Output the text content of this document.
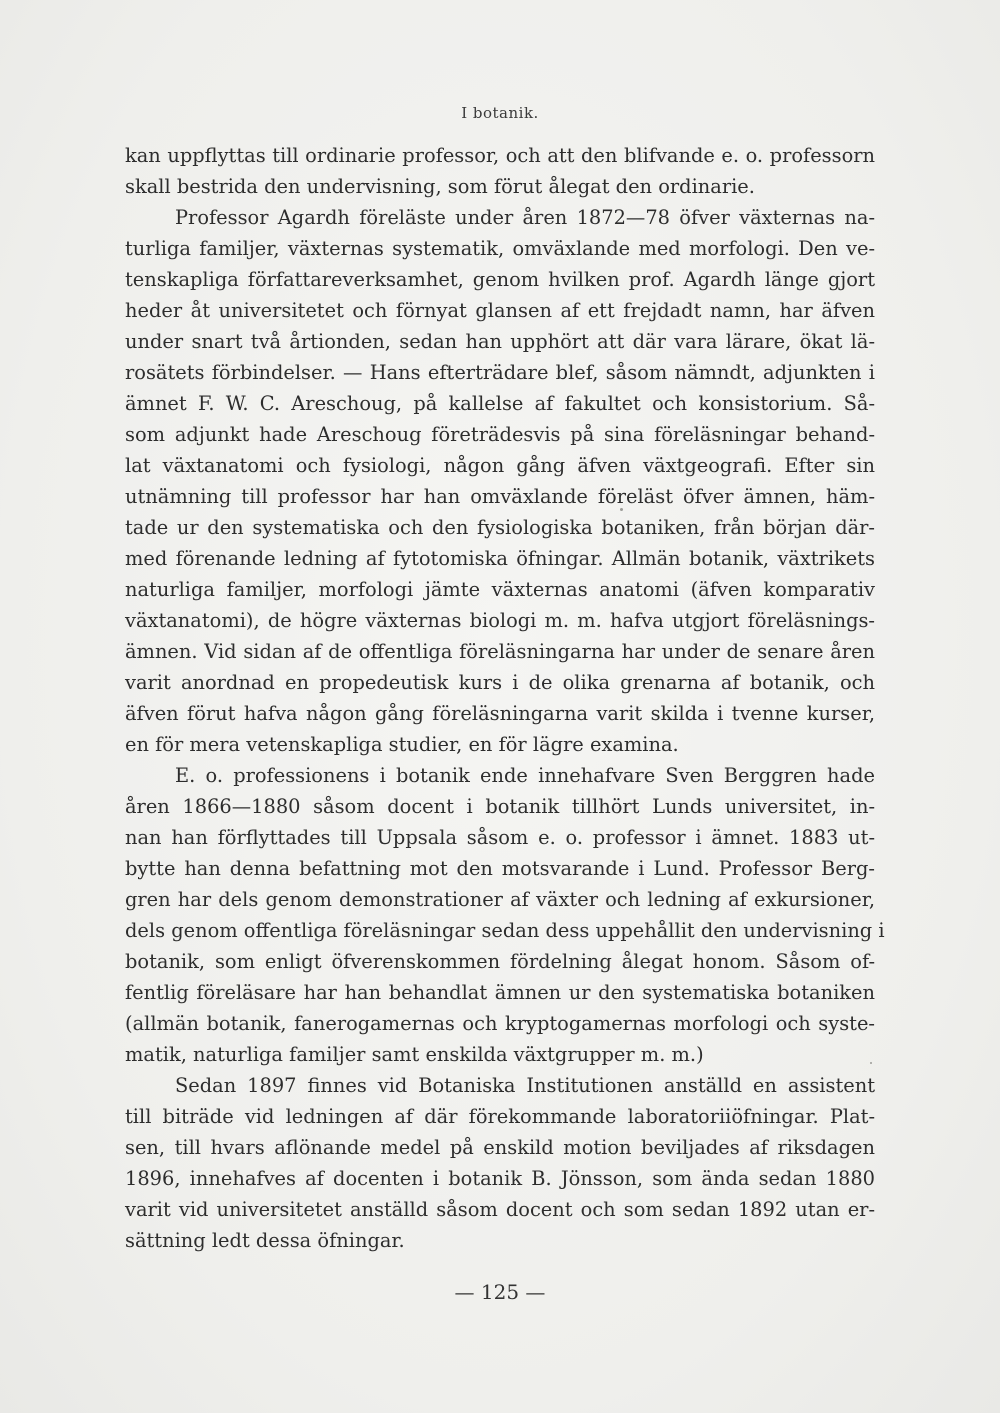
I botanik.
kan uppflyttas till ordinarie professor, och att den blifvande e. o. professorn
skall bestrida den undervisning, som förut ålegat den ordinarie.
Professor Agardh föreläste under åren 1872—78 öfver växternas na-
turliga familjer, växternas systematik, omväxlande med morfologi. Den ve-
tenskapliga författareverksamhet, genom hvilken prof. Agardh länge gjort
heder åt universitetet och förnyat glansen af ett frejdadt namn, har äfven
under snart två årtionden, sedan han upphört att där vara lärare, ökat lä-
rosätets förbindelser. — Hans efterträdare blef, såsom nämndt, adjunkten i
ämnet F. W. C. Areschoug, på kallelse af fakultet och konsistorium. Så-
som adjunkt hade Areschoug företrädesvis på sina föreläsningar behand-
lat växtanatomi och fysiologi, någon gång äfven växtgeografi. Efter sin
utnämning till professor har han omväxlande föreläst öfver ämnen, häm-
tade ur den systematiska och den fysiologiska botaniken, från början där-
med förenande ledning af fytotomiska öfningar. Allmän botanik, växtrikets
naturliga familjer, morfologi jämte växternas anatomi (äfven komparativ
växtanatomi), de högre växternas biologi m. m. hafva utgjort föreläsnings-
ämnen. Vid sidan af de offentliga föreläsningarna har under de senare åren
varit anordnad en propedeutisk kurs i de olika grenarna af botanik, och
äfven förut hafva någon gång föreläsningarna varit skilda i tvenne kurser,
en för mera vetenskapliga studier, en för lägre examina.
E. o. professionens i botanik ende innehafvare Sven Berggren hade
åren 1866—1880 såsom docent i botanik tillhört Lunds universitet, in-
nan han förflyttades till Uppsala såsom e. o. professor i ämnet. 1883 ut-
bytte han denna befattning mot den motsvarande i Lund. Professor Berg-
gren har dels genom demonstrationer af växter och ledning af exkursioner,
dels genom offentliga föreläsningar sedan dess uppehållit den undervisning i
botanik, som enligt öfverenskommen fördelning ålegat honom. Såsom of-
fentlig föreläsare har han behandlat ämnen ur den systematiska botaniken
(allmän botanik, fanerogamernas och kryptogamernas morfologi och syste-
matik, naturliga familjer samt enskilda växtgrupper m. m.)
Sedan 1897 finnes vid Botaniska Institutionen anställd en assistent
till biträde vid ledningen af där förekommande laboratoriiöfningar. Plat-
sen, till hvars aflönande medel på enskild motion beviljades af riksdagen
1896, innehafves af docenten i botanik B. Jönsson, som ända sedan 1880
varit vid universitetet anställd såsom docent och som sedan 1892 utan er-
sättning ledt dessa öfningar.
— 125 —
